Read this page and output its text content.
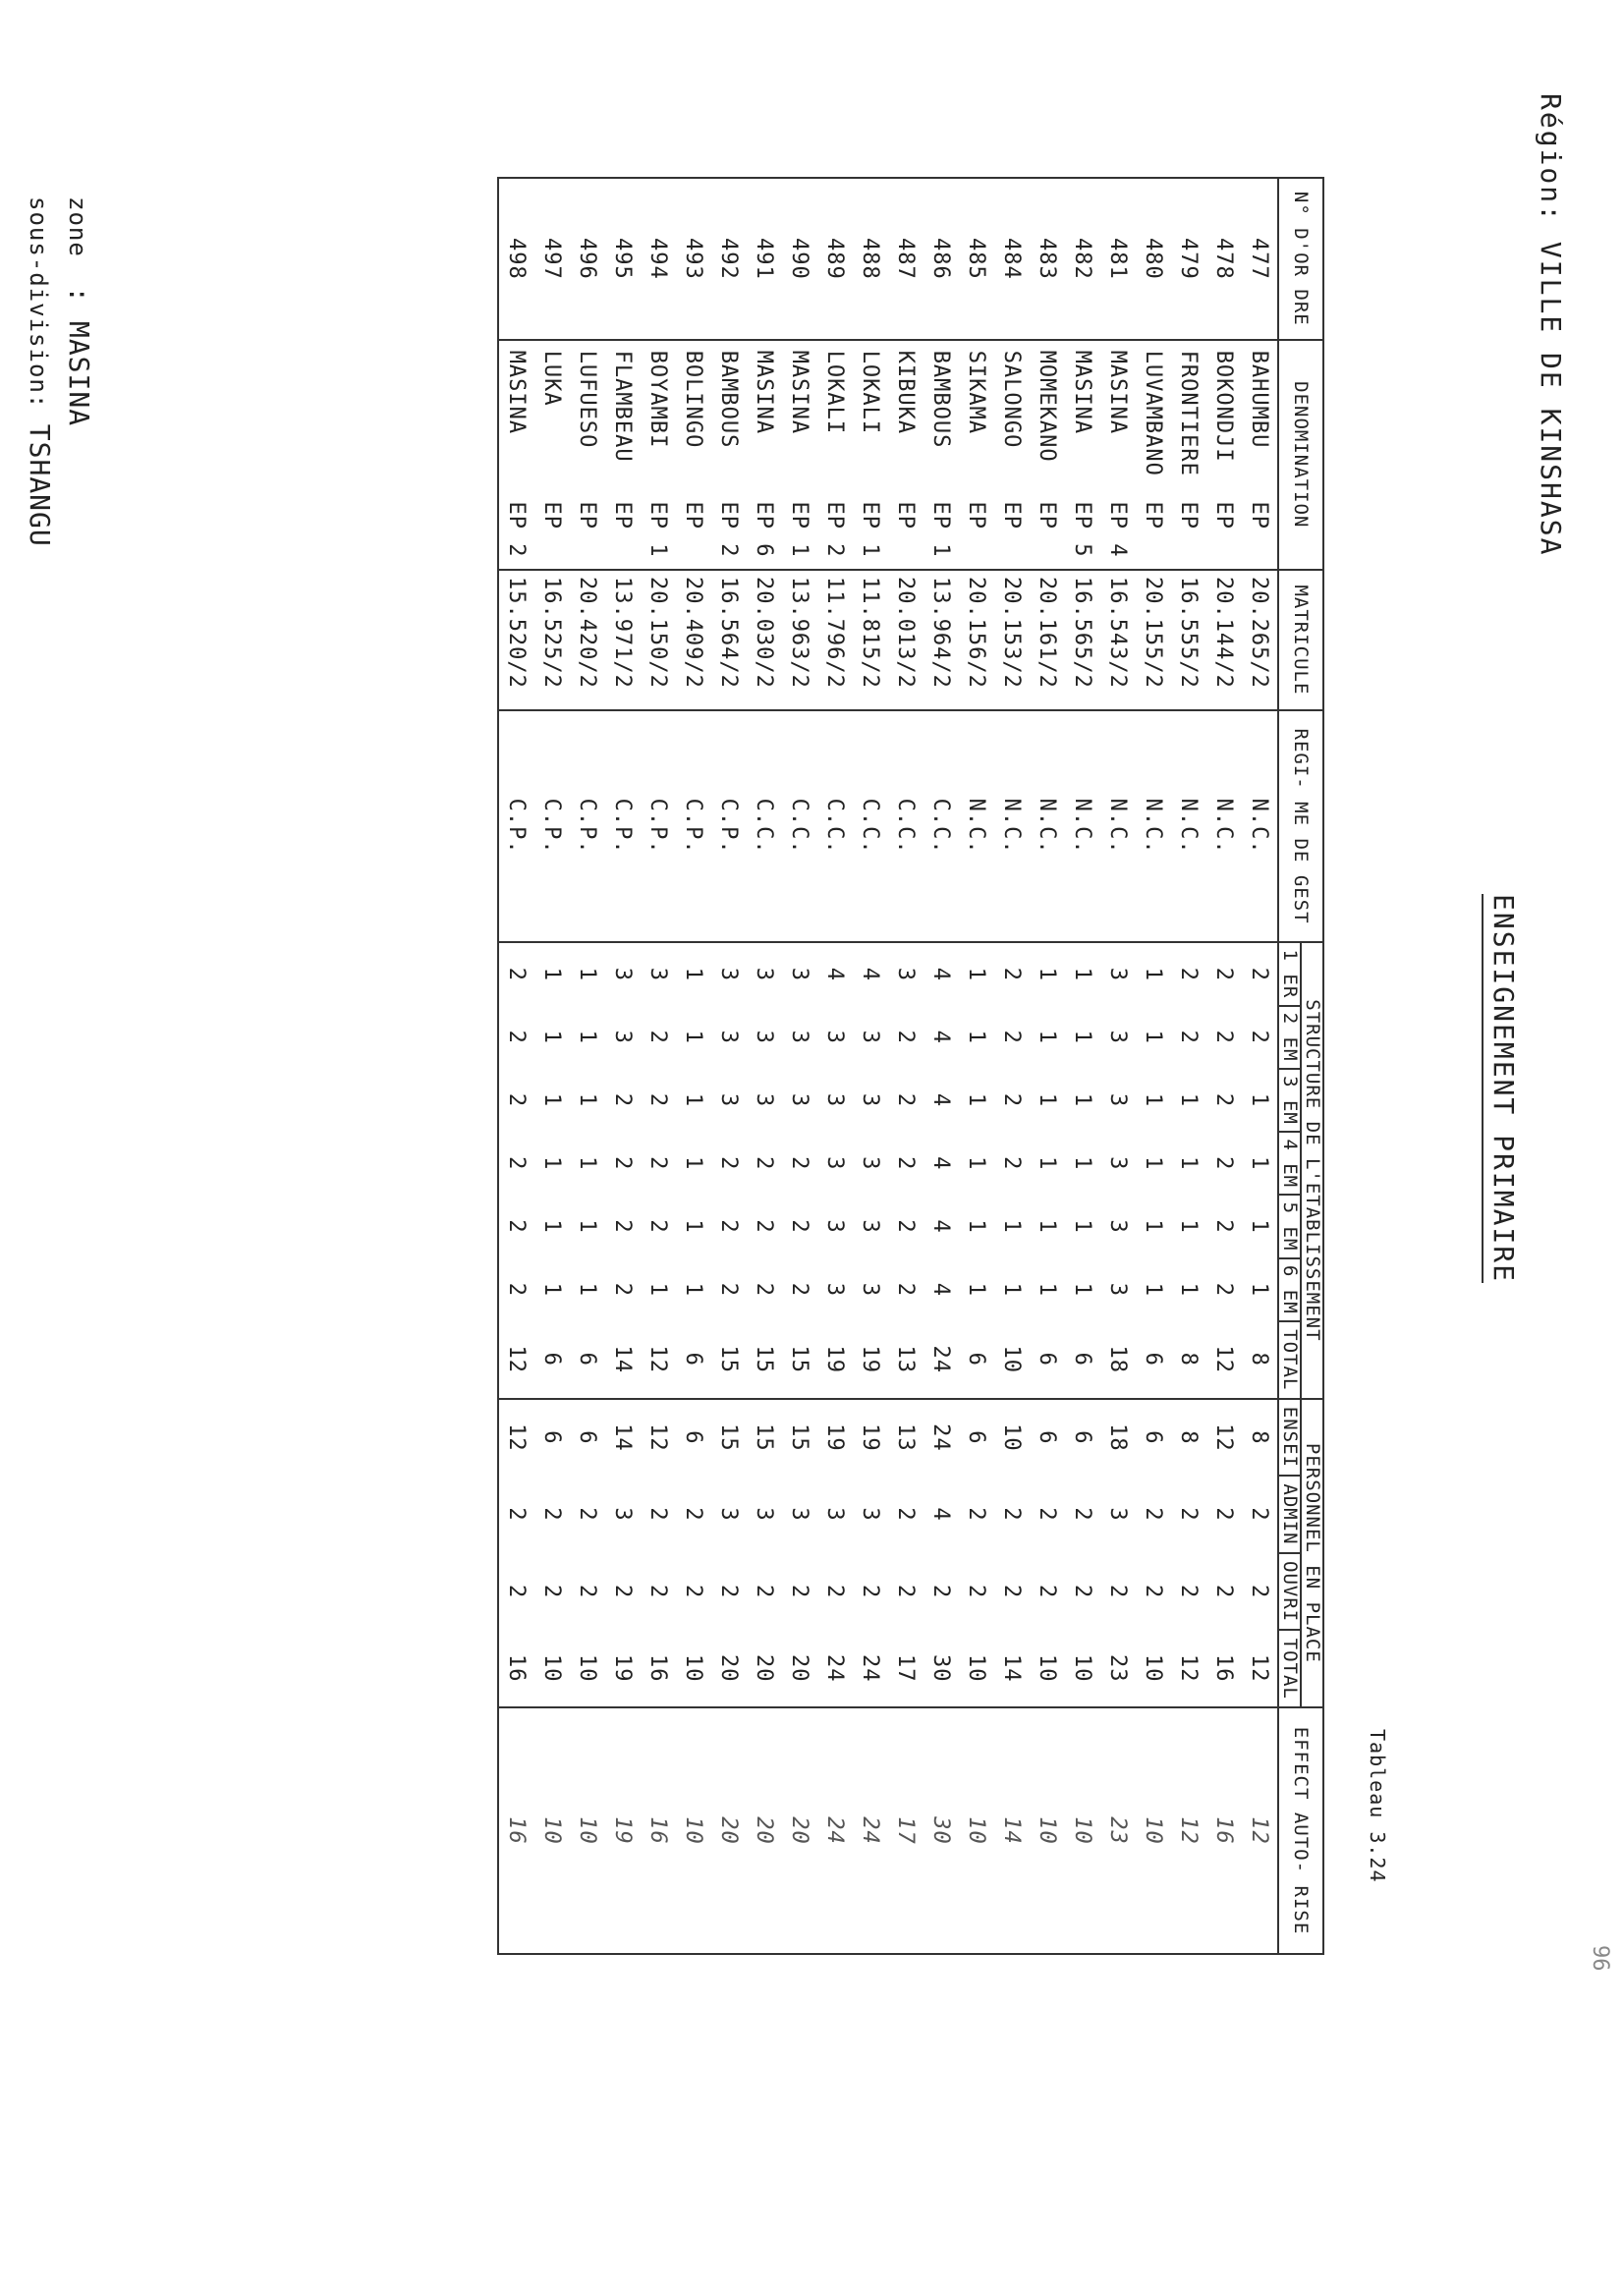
Région: VILLE DE KINSHASA
ENSEIGNEMENT PRIMAIRE
sous-division: TSHANGU
zone : MASINA
Tableau 3.24
N° D'OR DRE	DENOMINATION		MATRICULE	REGI- ME DE GEST	STRUCTURE DE L'ETABLISSEMENT							PERSONNEL EN PLACE				EFFECT AUTO- RISE
					1 ER	2 EM	3 EM	4 EM	5 EM	6 EM	TOTAL	ENSEI	ADMIN	OUVRI	TOTAL	
477	BAHUMBU	EP	20.265/2	N.C.	2	2	1	1	1	1	8	8	2	2	12	12
478	BOKONDJI	EP	20.144/2	N.C.	2	2	2	2	2	2	12	12	2	2	16	16
479	FRONTIERE	EP	16.555/2	N.C.	2	2	1	1	1	1	8	8	2	2	12	12
480	LUVAMBANO	EP	20.155/2	N.C.	1	1	1	1	1	1	6	6	2	2	10	10
481	MASINA	EP 4	16.543/2	N.C.	3	3	3	3	3	3	18	18	3	2	23	23
482	MASINA	EP 5	16.565/2	N.C.	1	1	1	1	1	1	6	6	2	2	10	10
483	MOMEKANO	EP	20.161/2	N.C.	1	1	1	1	1	1	6	6	2	2	10	10
484	SALONGO	EP	20.153/2	N.C.	2	2	2	2	1	1	10	10	2	2	14	14
485	SIKAMA	EP	20.156/2	N.C.	1	1	1	1	1	1	6	6	2	2	10	10
486	BAMBOUS	EP 1	13.964/2	C.C.	4	4	4	4	4	4	24	24	4	2	30	30
487	KIBUKA	EP	20.013/2	C.C.	3	2	2	2	2	2	13	13	2	2	17	17
488	LOKALI	EP 1	11.815/2	C.C.	4	3	3	3	3	3	19	19	3	2	24	24
489	LOKALI	EP 2	11.796/2	C.C.	4	3	3	3	3	3	19	19	3	2	24	24
490	MASINA	EP 1	13.963/2	C.C.	3	3	3	2	2	2	15	15	3	2	20	20
491	MASINA	EP 6	20.030/2	C.C.	3	3	3	2	2	2	15	15	3	2	20	20
492	BAMBOUS	EP 2	16.564/2	C.P.	3	3	3	2	2	2	15	15	3	2	20	20
493	BOLINGO	EP	20.409/2	C.P.	1	1	1	1	1	1	6	6	2	2	10	10
494	BOYAMBI	EP 1	20.150/2	C.P.	3	2	2	2	2	1	12	12	2	2	16	16
495	FLAMBEAU	EP	13.971/2	C.P.	3	3	2	2	2	2	14	14	3	2	19	19
496	LUFUESO	EP	20.420/2	C.P.	1	1	1	1	1	1	6	6	2	2	10	10
497	LUKA	EP	16.525/2	C.P.	1	1	1	1	1	1	6	6	2	2	10	10
498	MASINA	EP 2	15.520/2	C.P.	2	2	2	2	2	2	12	12	2	2	16	16
96
